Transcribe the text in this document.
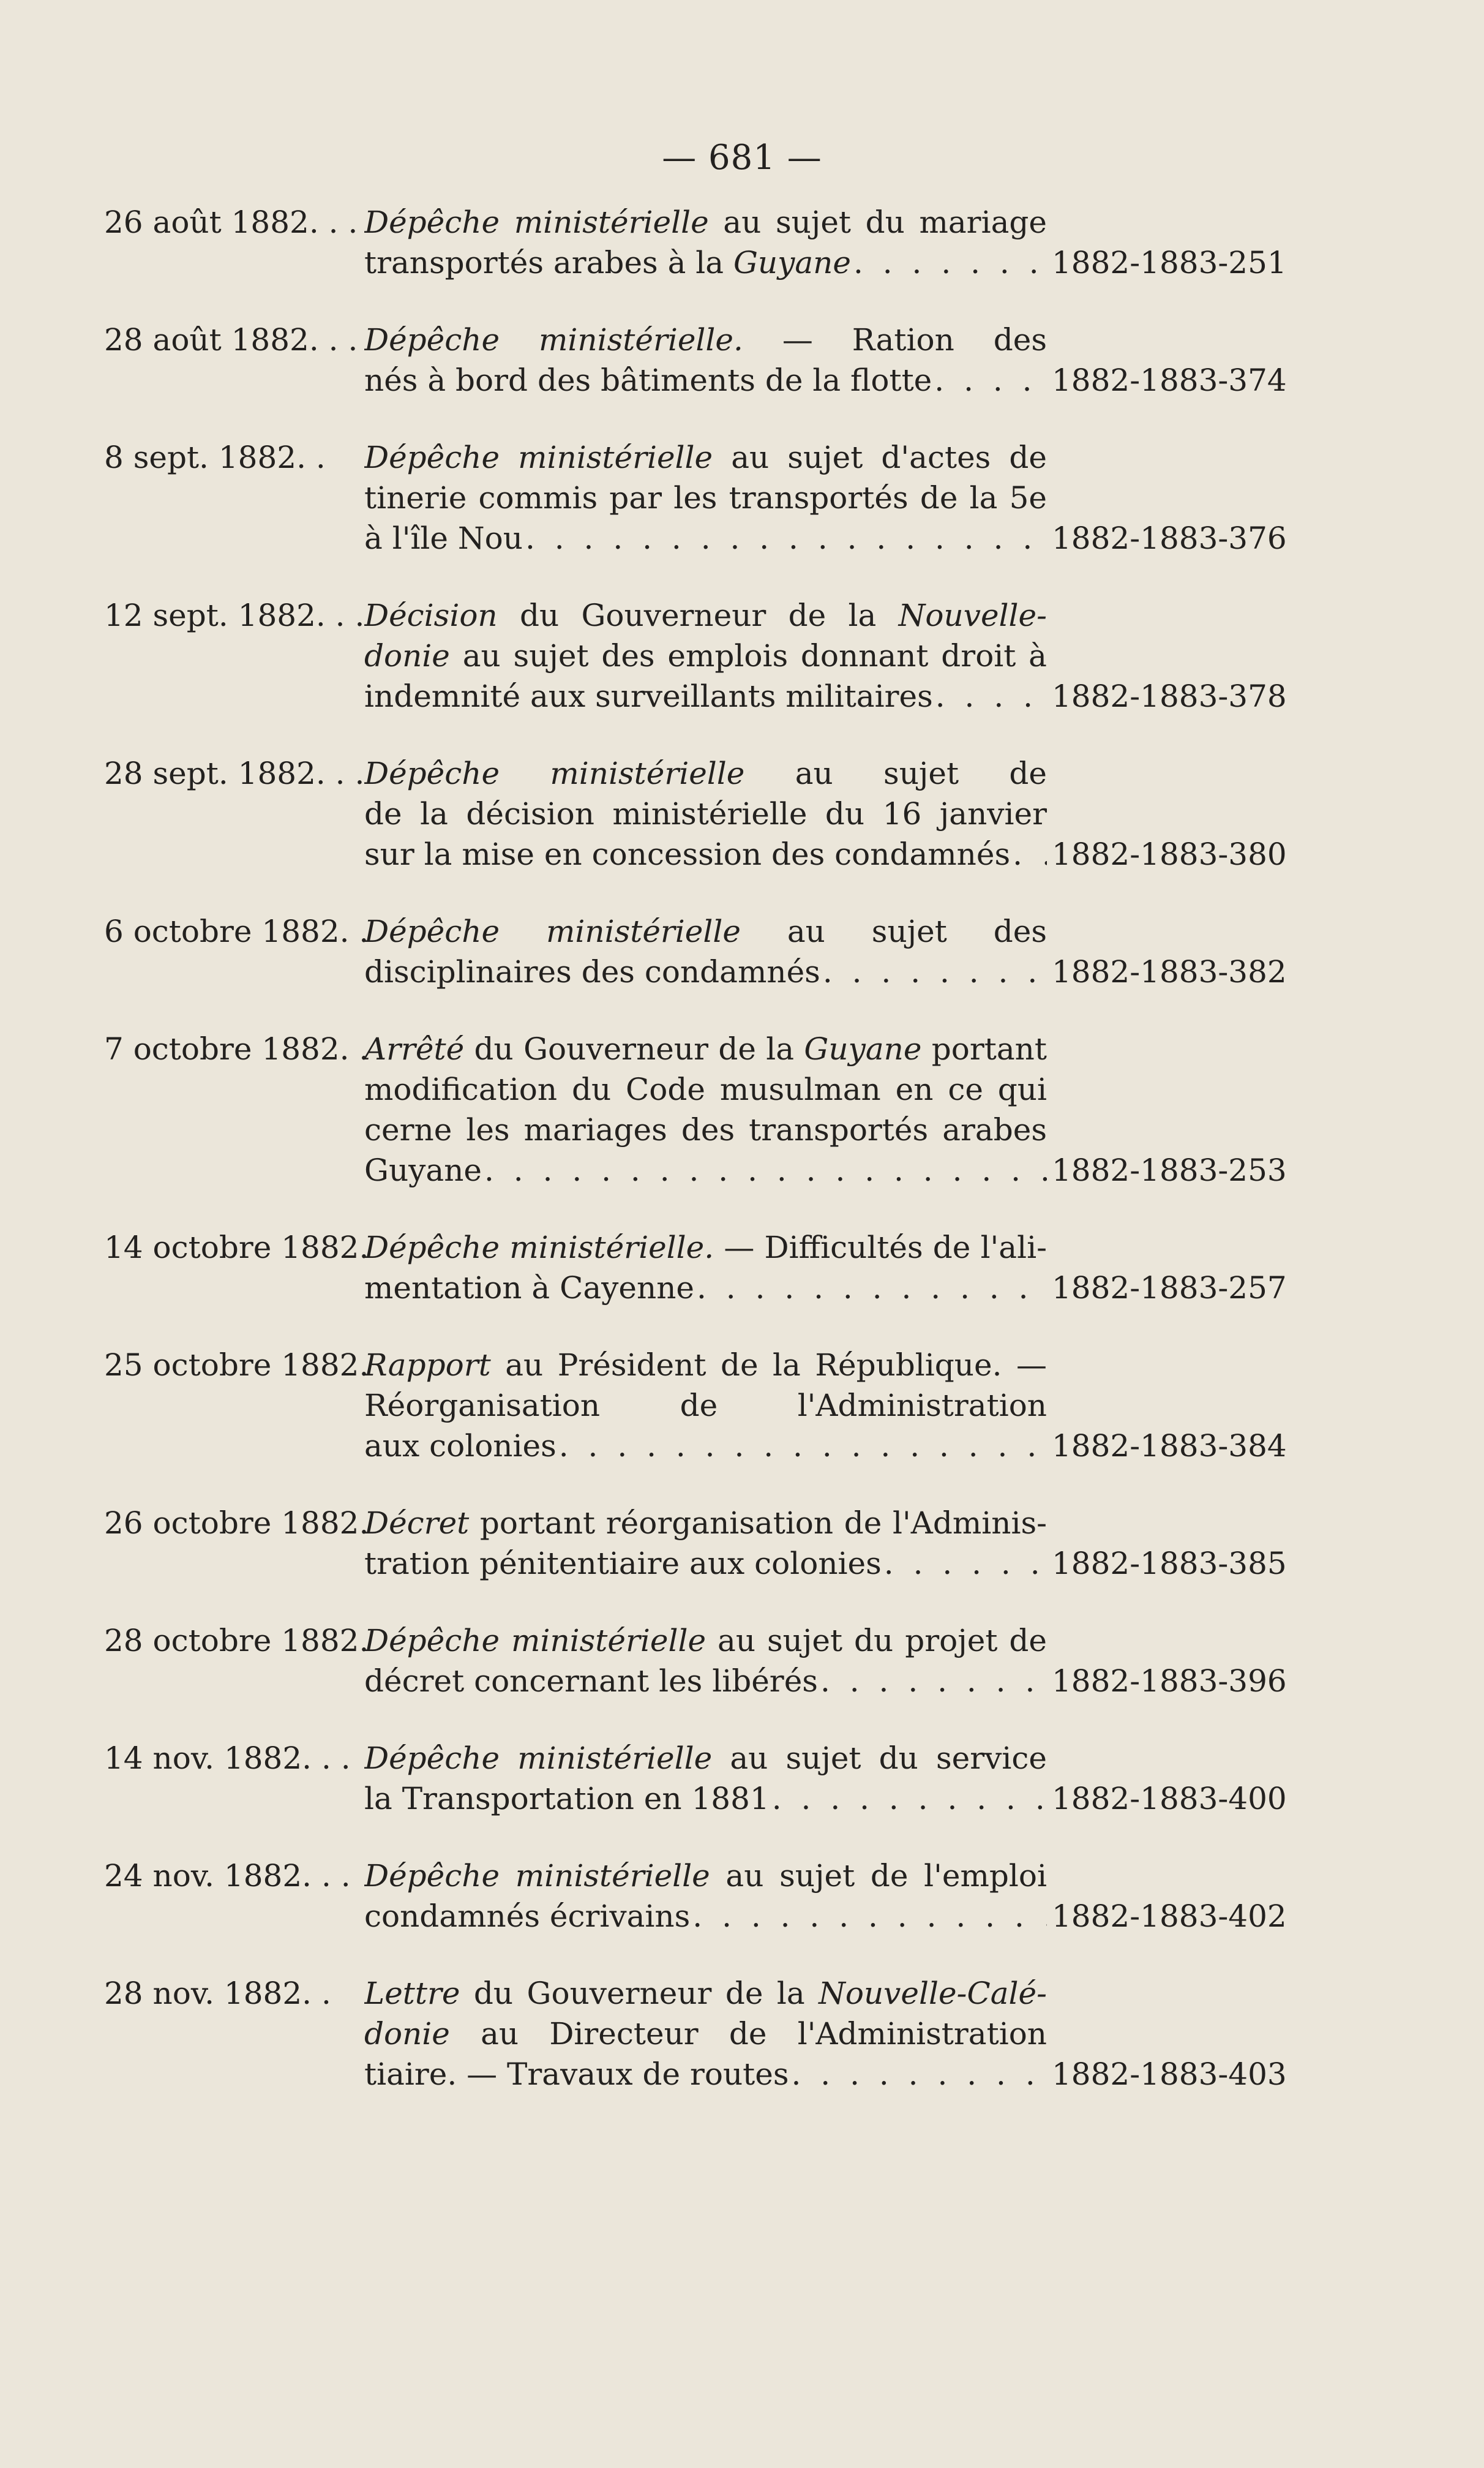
— 681 —
26 août 1882. . . Dépêche ministérielle au sujet du mariage
transportés arabes à la Guyane . . .	1882-1883-251
28 août 1882. . . Dépêche ministérielle. — Ration des
nés à bord des bâtiments de la flotte . . .	1882-1883-374
8 sept. 1882. .	Dépêche ministérielle au sujet d'actes de
tinerie commis par les transportés de la 5e
à l'île Nou . . .	1882-1883-376
12 sept. 1882. . . Décision du Gouverneur de la Nouvelle-
donie au sujet des emplois donnant droit à
indemnité aux surveillants militaires . . .	1882-1883-378
28 sept. 1882. . . Dépêche ministérielle au sujet de
de la décision ministérielle du 16 janvier
sur la mise en concession des condamnés . . . 1882-1883-380
6 octobre 1882. .
Dépêche ministérielle au sujet des
disciplinaires des condamnés . . .	1882-1883-382
7 octobre 1882. .
Arrêté du Gouverneur de la Guyane portant
modification du Code musulman en ce qui
cerne les mariages des transportés arabes
Guyane . . .	1882-1883-253
14 octobre 1882.
Dépêche ministérielle. — Difficultés de l'ali-
mentation à Cayenne . . .	1882-1883-257
25 octobre 1882.
Rapport au Président de la République. —
Réorganisation de l'Administration
aux colonies . . .	1882-1883-384
26 octobre 1882.
Décret portant réorganisation de l'Adminis-
tration pénitentiaire aux colonies . . .	1882-1883-385
28 octobre 1882.
Dépêche ministérielle au sujet du projet de
décret concernant les libérés . . .	1882-1883-396
14 nov. 1882. . . Dépêche ministérielle au sujet du service
la Transportation en 1881 . . .	1882-1883-400
24 nov. 1882. . . Dépêche ministérielle au sujet de l'emploi
condamnés écrivains . . .	1882-1883-402
28 nov. 1882. .	Lettre du Gouverneur de la Nouvelle-Calé-
donie au Directeur de l'Administration
tiaire. — Travaux de routes . . .	1882-1883-403
